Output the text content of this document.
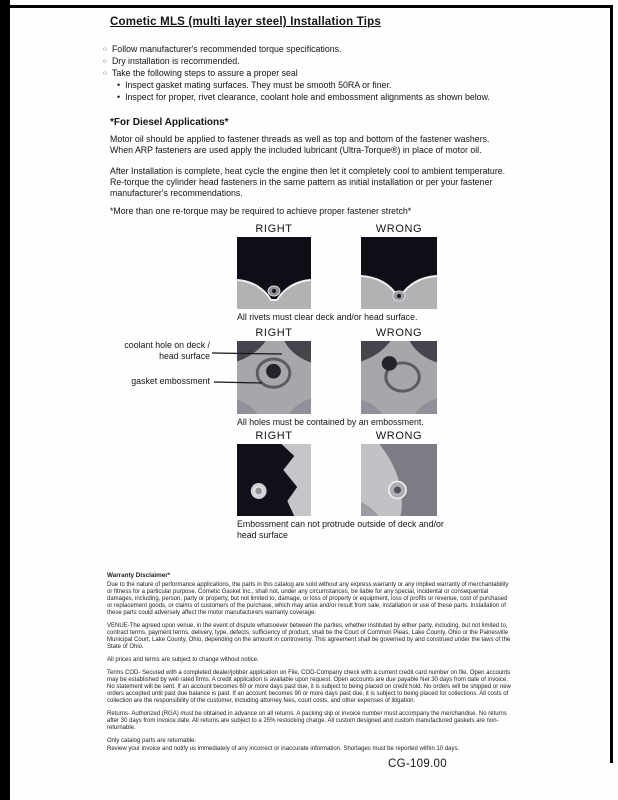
Cometic MLS (multi layer steel) Installation Tips
○ Follow manufacturer's recommended torque specifications.
○ Dry installation is recommended.
○ Take the following steps to assure a proper seal
• Inspect gasket mating surfaces. They must be smooth 50RA or finer.
• Inspect for proper, rivet clearance, coolant hole and embossment alignments as shown below.
*For Diesel Applications*
Motor oil should be applied to fastener threads as well as top and bottom of the fastener washers. When ARP fasteners are used apply the included lubricant (Ultra-Torque®) in place of motor oil.
After Installation is complete, heat cycle the engine then let it completely cool to ambient temperature. Re-torque the cylinder head fasteners in the same pattern as initial installation or per your fastener manufacturer's recommendations.
*More than one re-torque may be required to achieve proper fastener stretch*
RIGHT	WRONG
All rivets must clear deck and/or head surface.
RIGHT	WRONG
coolant hole on deck / head surface
gasket embossment
All holes must be contained by an embossment.
RIGHT	WRONG
Embossment can not protrude outside of deck and/or head surface

Warranty Disclaimer*

Due to the nature of performance applications, the parts in this catalog are sold without any express warranty or any implied warranty of merchantability or fitness for a particular purpose. Cometic Gasket Inc., shall not, under any circumstances, be liable for any special, incidental or consequential damages, including, person, party or property, but not limited to, damage, or loss of property or equipment, loss of profits or revenue, cost of purchased or replacement goods, or claims of customers of the purchase, which may arise and/or result from sale, installation or use of these parts. Installation of these parts could adversely affect the motor manufacturers warranty coverage.

VENUE-The agreed upon venue, in the event of dispute whatsoever between the parties, whether instituted by either party, including, but not limited to, contract terms, payment terms, delivery, type, defects, sufficiency of product, shall be the Court of Common Pleas, Lake County, Ohio or the Painesville Municipal Court, Lake County, Ohio, depending on the amount in controversy. This agreement shall be governed by and construed under the laws of the State of Ohio.

All prices and terms are subject to change without notice.

Terms COD- Secured with a completed dealer/jobber application on File, COD-Company check with a current credit card number on file. Open accounts may be established by well rated firms. A credit application is available upon request. Open accounts are due payable Net 30 days from date of invoice. No statement will be sent. If an account becomes 60 or more days past due, it is subject to being placed on credit hold. No orders will be shipped or new orders accepted until past due balance is paid. If an account becomes 90 or more days past due, it is subject to being placed for collections. All costs of collection are the responsibility of the customer, including attorney fees, court costs, and other expenses of litigation.

Returns- Authorized (RGA) must be obtained in advance on all returns. A packing slip or invoice number must accompany the merchandise. No returns after 30 days from invoice date. All returns are subject to a 25% restocking charge. All custom designed and custom manufactured gaskets are non-returnable.

Only catalog parts are returnable.

Review your invoice and notify us immediately of any incorrect or inaccurate information. Shortages must be reported within 10 days.

CG-109.00
